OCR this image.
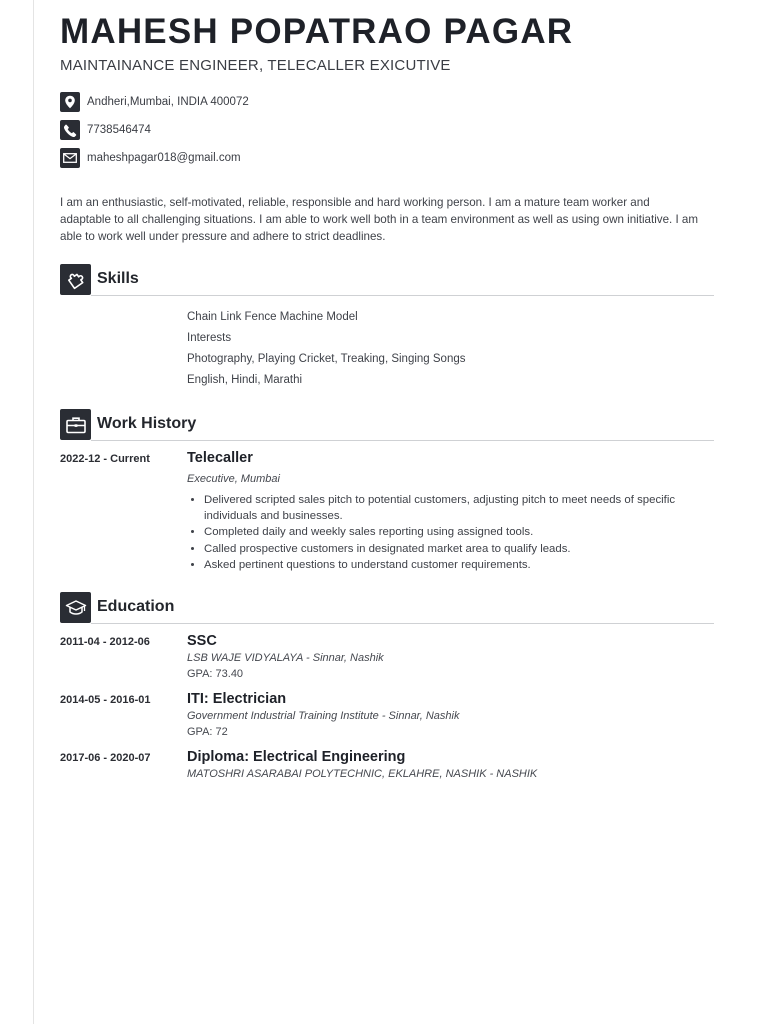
MAHESH POPATRAO PAGAR
MAINTAINANCE ENGINEER, TELECALLER EXICUTIVE
Andheri,Mumbai, INDIA 400072
7738546474
maheshpagar018@gmail.com
I am an enthusiastic, self-motivated, reliable, responsible and hard working person. I am a mature team worker and adaptable to all challenging situations. I am able to work well both in a team environment as well as using own initiative. I am able to work well under pressure and adhere to strict deadlines.
Skills
Chain Link Fence Machine Model
Interests
Photography, Playing Cricket, Treaking, Singing Songs
English, Hindi, Marathi
Work History
2022-12 - Current	Telecaller
Executive, Mumbai
• Delivered scripted sales pitch to potential customers, adjusting pitch to meet needs of specific individuals and businesses.
• Completed daily and weekly sales reporting using assigned tools.
• Called prospective customers in designated market area to qualify leads.
• Asked pertinent questions to understand customer requirements.
Education
2011-04 - 2012-06	SSC
LSB WAJE VIDYALAYA - Sinnar, Nashik
GPA: 73.40
2014-05 - 2016-01	ITI: Electrician
Government Industrial Training Institute - Sinnar, Nashik
GPA: 72
2017-06 - 2020-07	Diploma: Electrical Engineering
MATOSHRI ASARABAI POLYTECHNIC, EKLAHRE, NASHIK - NASHIK
